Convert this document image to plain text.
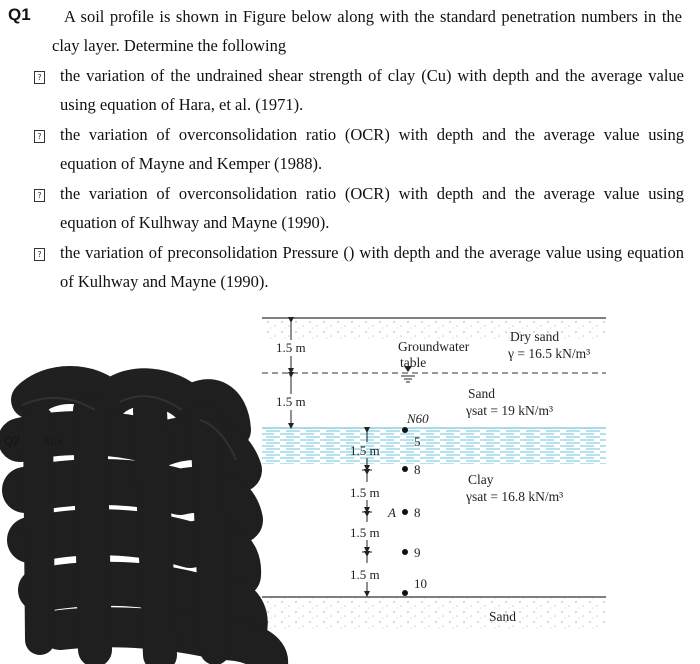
Q1	A soil profile is shown in Figure below along with the standard penetration numbers in the clay layer. Determine the following
? the variation of the undrained shear strength of clay (Cu) with depth and the average value using equation of Hara, et al. (1971).
? the variation of overconsolidation ratio (OCR) with depth and the average value using equation of Mayne and Kemper (1988).
? the variation of overconsolidation ratio (OCR) with depth and the average value using equation of Kulhway and Mayne (1990).
? the variation of preconsolidation Pressure () with depth and the average value using equation of Kulhway and Mayne (1990).
Q2 Site
1.5 m
1.5 m
1.5 m
1.5 m
1.5 m
1.5 m
Groundwater
table
Dry sand
γ = 16.5 kN/m³
Sand
γsat = 19 kN/m³
Clay
γsat = 16.8 kN/m³
Sand
N60
A
5
8
8
9
10
